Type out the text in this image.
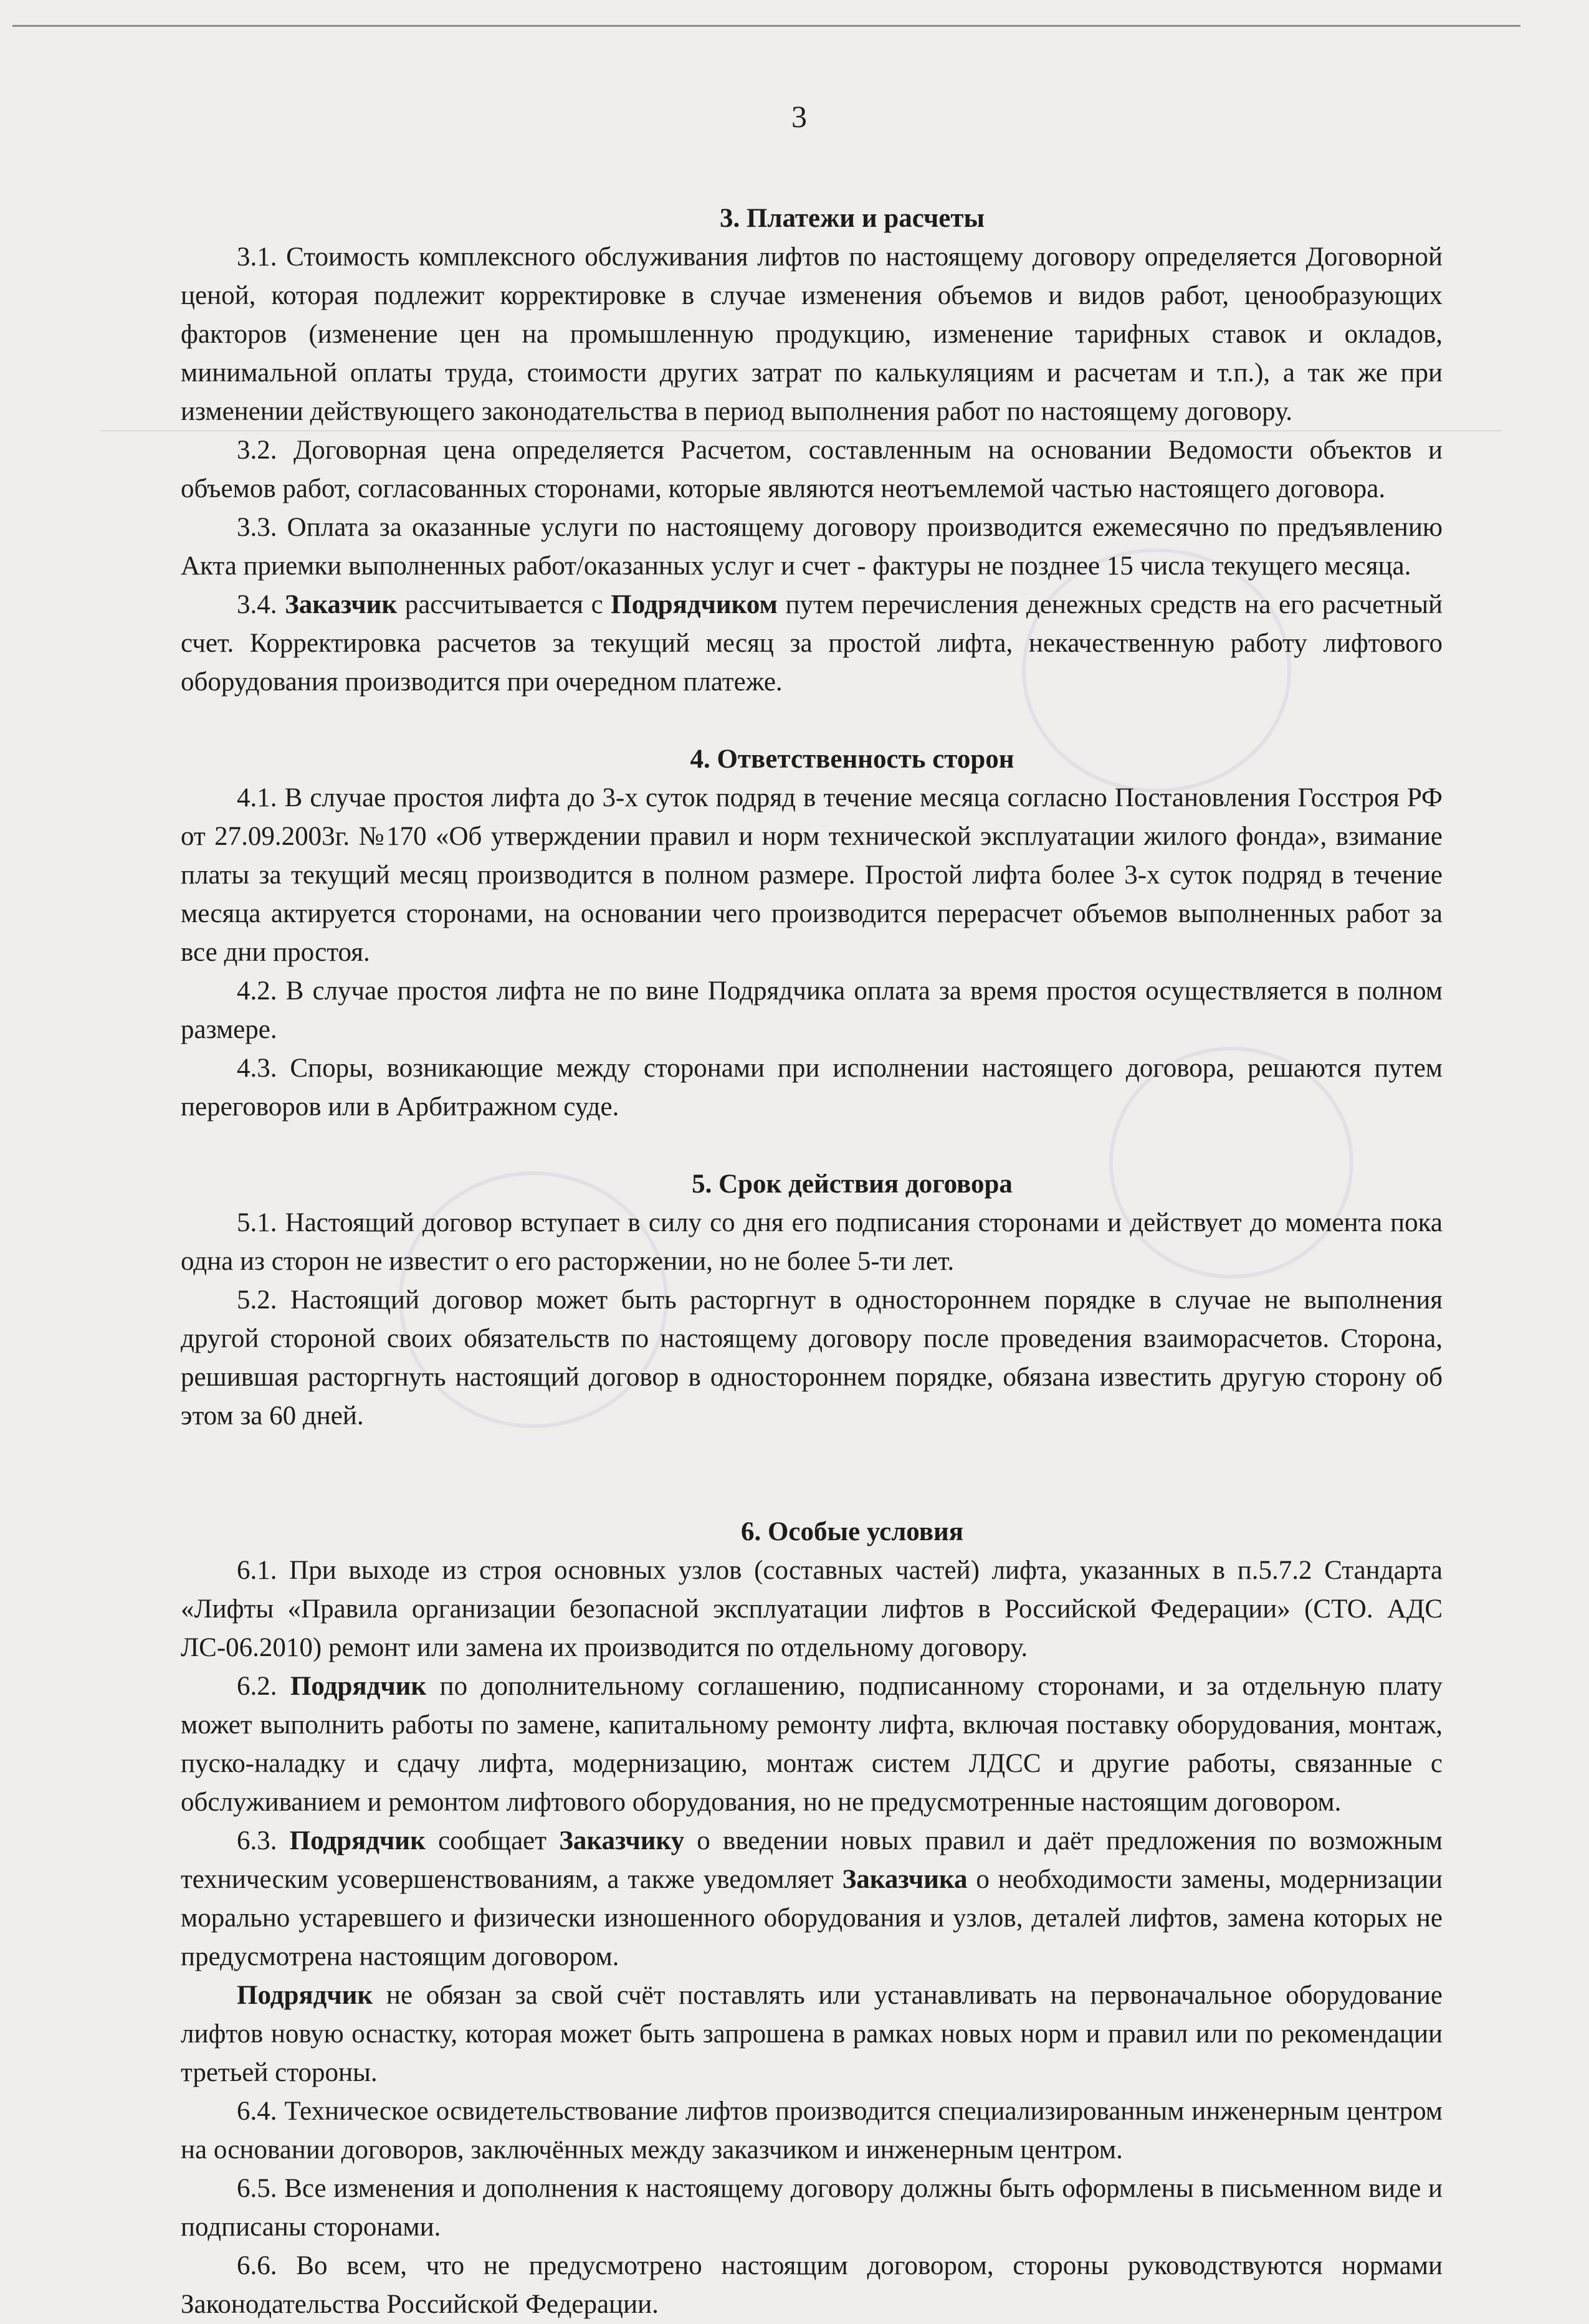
3

3. Платежи и расчеты

3.1. Стоимость комплексного обслуживания лифтов по настоящему договору определяется Договорной ценой, которая подлежит корректировке в случае изменения объемов и видов работ, ценообразующих факторов (изменение цен на промышленную продукцию, изменение тарифных ставок и окладов, минимальной оплаты труда, стоимости других затрат по калькуляциям и расчетам и т.п.), а так же при изменении действующего законодательства в период выполнения работ по настоящему договору.

3.2. Договорная цена определяется Расчетом, составленным на основании Ведомости объектов и объемов работ, согласованных сторонами, которые являются неотъемлемой частью настоящего договора.

3.3. Оплата за оказанные услуги по настоящему договору производится ежемесячно по предъявлению Акта приемки выполненных работ/оказанных услуг и счет - фактуры не позднее 15 числа текущего месяца.

3.4. Заказчик рассчитывается с Подрядчиком путем перечисления денежных средств на его расчетный счет. Корректировка расчетов за текущий месяц за простой лифта, некачественную работу лифтового оборудования производится при очередном платеже.

4. Ответственность сторон

4.1. В случае простоя лифта до 3-х суток подряд в течение месяца согласно Постановления Госстроя РФ от 27.09.2003г. №170 «Об утверждении правил и норм технической эксплуатации жилого фонда», взимание платы за текущий месяц производится в полном размере. Простой лифта более 3-х суток подряд в течение месяца актируется сторонами, на основании чего производится перерасчет объемов выполненных работ за все дни простоя.

4.2. В случае простоя лифта не по вине Подрядчика оплата за время простоя осуществляется в полном размере.

4.3. Споры, возникающие между сторонами при исполнении настоящего договора, решаются путем переговоров или в Арбитражном суде.

5. Срок действия договора

5.1. Настоящий договор вступает в силу со дня его подписания сторонами и действует до момента пока одна из сторон не известит о его расторжении, но не более 5-ти лет.

5.2. Настоящий договор может быть расторгнут в одностороннем порядке в случае не выполнения другой стороной своих обязательств по настоящему договору после проведения взаиморасчетов. Сторона, решившая расторгнуть настоящий договор в одностороннем порядке, обязана известить другую сторону об этом за 60 дней.

6. Особые условия

6.1. При выходе из строя основных узлов (составных частей) лифта, указанных в п.5.7.2 Стандарта «Лифты «Правила организации безопасной эксплуатации лифтов в Российской Федерации» (СТО. АДС ЛС-06.2010) ремонт или замена их производится по отдельному договору.

6.2. Подрядчик по дополнительному соглашению, подписанному сторонами, и за отдельную плату может выполнить работы по замене, капитальному ремонту лифта, включая поставку оборудования, монтаж, пуско-наладку и сдачу лифта, модернизацию, монтаж систем ЛДСС и другие работы, связанные с обслуживанием и ремонтом лифтового оборудования, но не предусмотренные настоящим договором.

6.3. Подрядчик сообщает Заказчику о введении новых правил и даёт предложения по возможным техническим усовершенствованиям, а также уведомляет Заказчика о необходимости замены, модернизации морально устаревшего и физически изношенного оборудования и узлов, деталей лифтов, замена которых не предусмотрена настоящим договором.

Подрядчик не обязан за свой счёт поставлять или устанавливать на первоначальное оборудование лифтов новую оснастку, которая может быть запрошена в рамках новых норм и правил или по рекомендации третьей стороны.

6.4. Техническое освидетельствование лифтов производится специализированным инженерным центром на основании договоров, заключённых между заказчиком и инженерным центром.

6.5. Все изменения и дополнения к настоящему договору должны быть оформлены в письменном виде и подписаны сторонами.

6.6. Во всем, что не предусмотрено настоящим договором, стороны руководствуются нормами Законодательства Российской Федерации.
